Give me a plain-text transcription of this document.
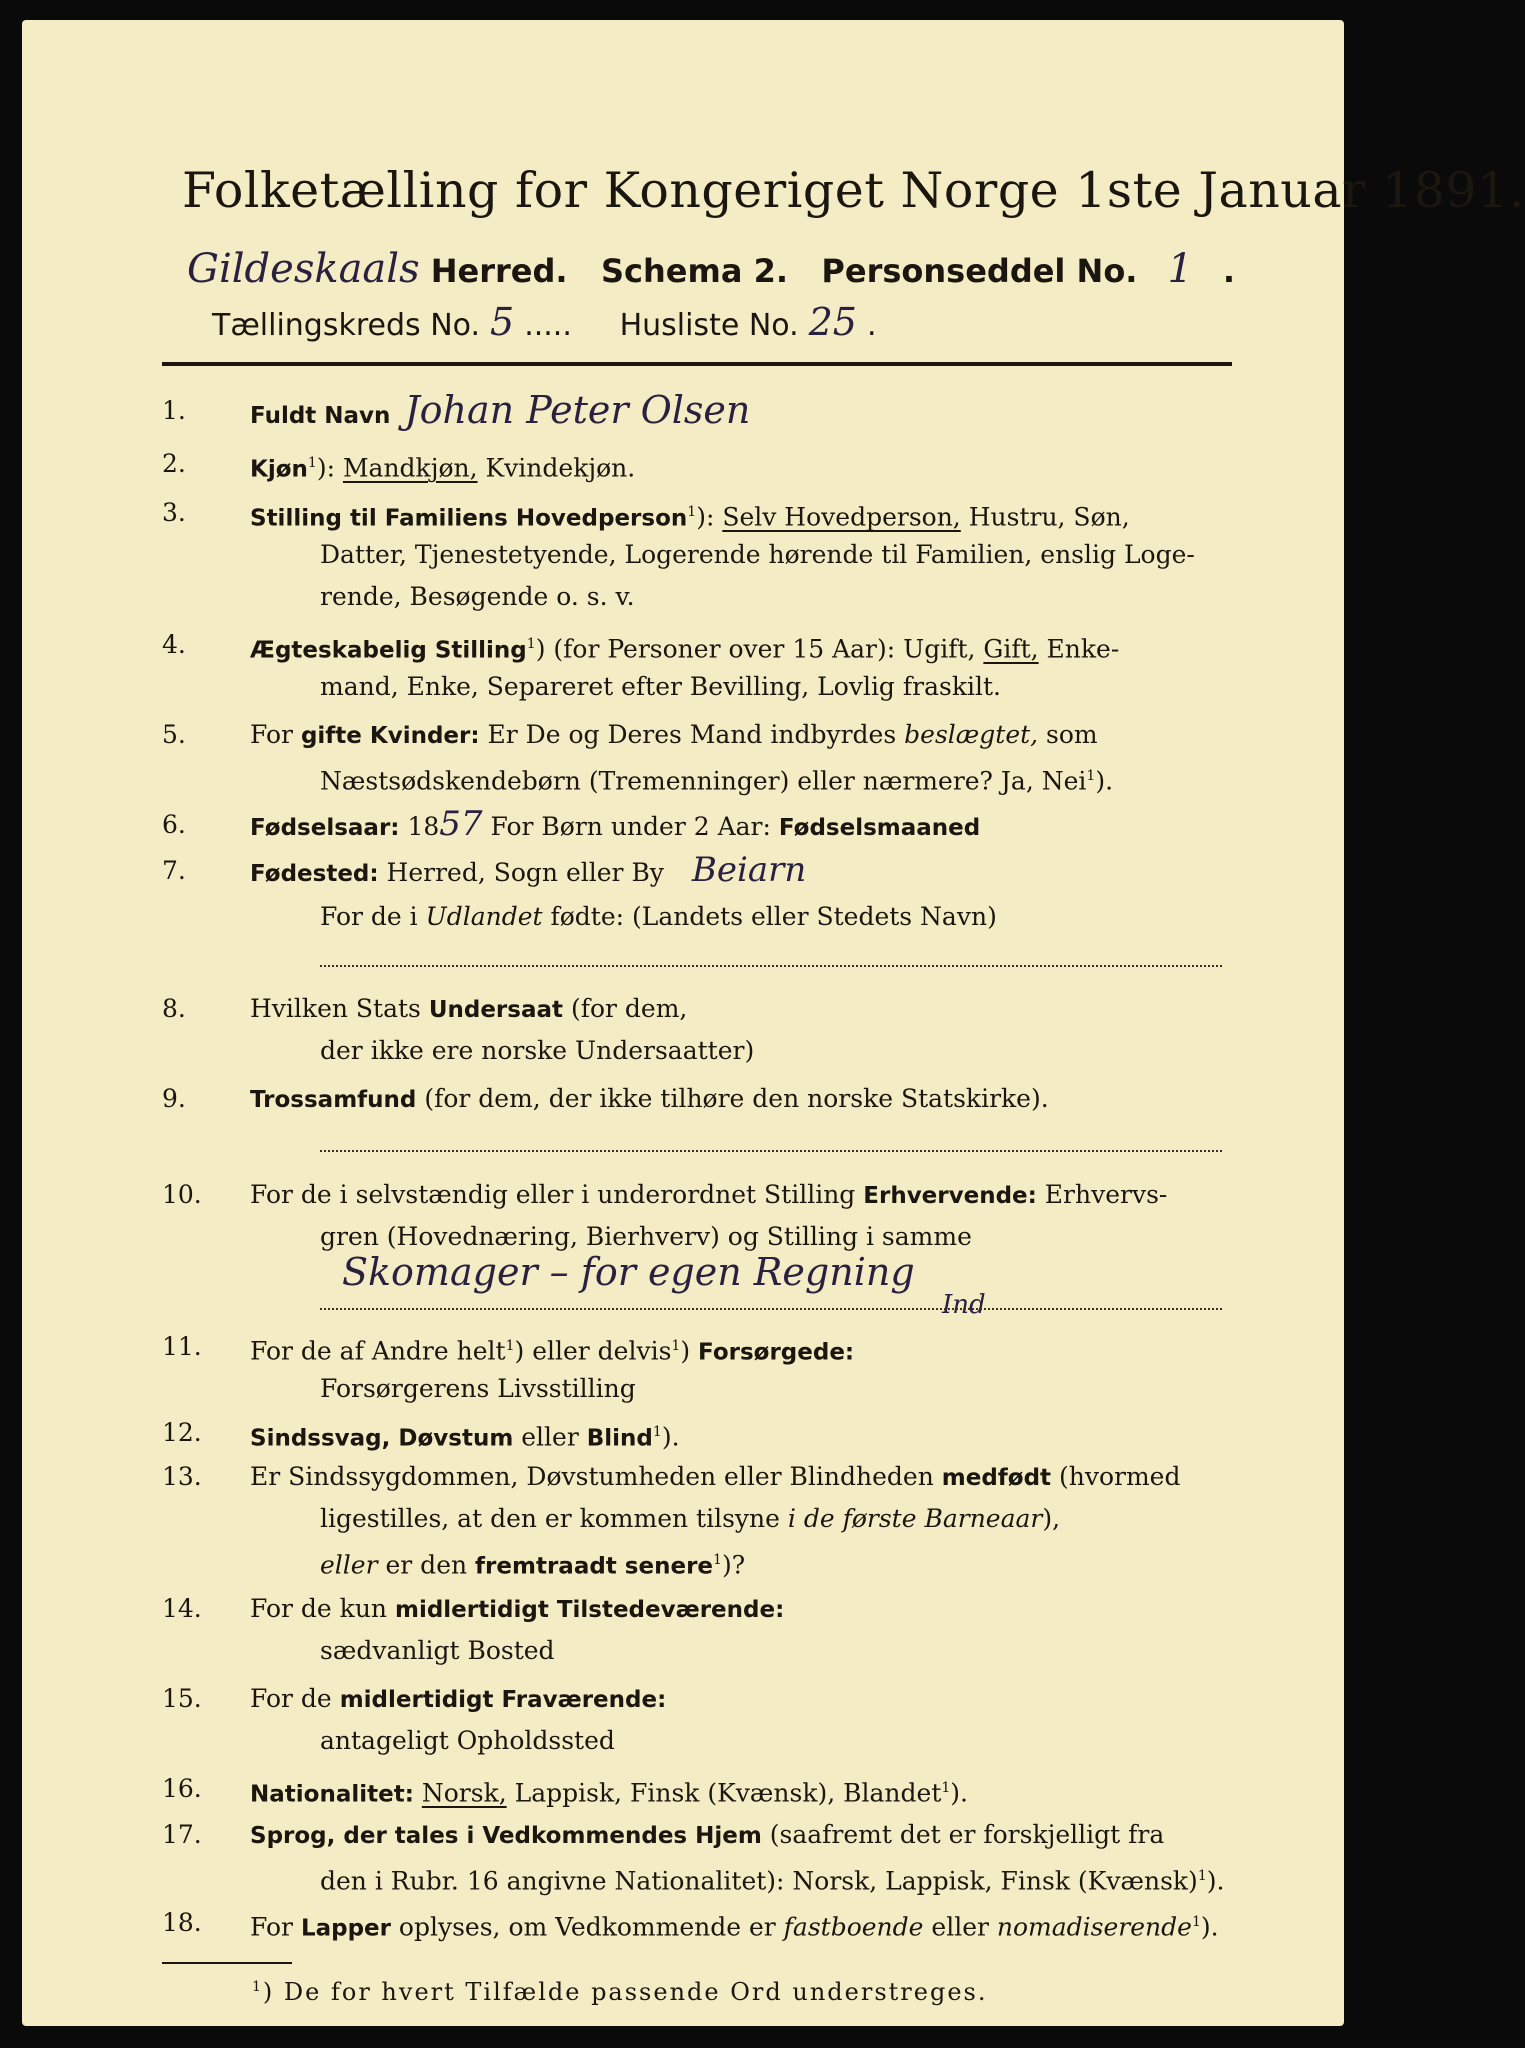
Folketælling for Kongeriget Norge 1ste Januar 1891.
Gildeskaals Herred. Schema 2. Personseddel No. 1 .
Tællingskreds No. 5 .....     Husliste No. 25 .
1.	Fuldt Navn Johan Peter Olsen
2.	Kjøn$^1$): Mandkjøn, Kvindekjøn.
3.	Stilling til Familiens Hovedperson$^1$): Selv Hovedperson, Hustru, Søn,
Datter, Tjenestetyende, Logerende hørende til Familien, enslig Loge-
rende, Besøgende o. s. v.
4.	Ægteskabelig Stilling$^1$) (for Personer over 15 Aar): Ugift, Gift, Enke-
mand, Enke, Separeret efter Bevilling, Lovlig fraskilt.
5.	For gifte Kvinder: Er De og Deres Mand indbyrdes beslægtet, som
Næstsødskendebørn (Tremenninger) eller nærmere? Ja, Nei$^1$).
6.	Fødselsaar: 1857 For Børn under 2 Aar: Fødselsmaaned
7.	Fødested: Herred, Sogn eller By Beiarn
For de i Udlandet fødte: (Landets eller Stedets Navn)
8.	Hvilken Stats Undersaat (for dem,
der ikke ere norske Undersaatter)
9.	Trossamfund (for dem, der ikke tilhøre den norske Statskirke).
10.	For de i selvstændig eller i underordnet Stilling Erhvervende: Erhvervs-
gren (Hovednæring, Bierhverv) og Stilling i samme
Skomager – for egen Regning
Ind
11.	For de af Andre helt$^1$) eller delvis$^1$) Forsørgede:
Forsørgerens Livsstilling
12.	Sindssvag, Døvstum eller Blind$^1$).
13.	Er Sindssygdommen, Døvstumheden eller Blindheden medfødt (hvormed
ligestilles, at den er kommen tilsyne i de første Barneaar),
eller er den fremtraadt senere$^1$)?
14.	For de kun midlertidigt Tilstedeværende:
sædvanligt Bosted
15.	For de midlertidigt Fraværende:
antageligt Opholdssted
16.	Nationalitet: Norsk, Lappisk, Finsk (Kvænsk), Blandet$^1$).
17.	Sprog, der tales i Vedkommendes Hjem (saafremt det er forskjelligt fra
den i Rubr. 16 angivne Nationalitet): Norsk, Lappisk, Finsk (Kvænsk)$^1$).
18.	For Lapper oplyses, om Vedkommende er fastboende eller nomadiserende$^1$).
$^1$) De for hvert Tilfælde passende Ord understreges.
